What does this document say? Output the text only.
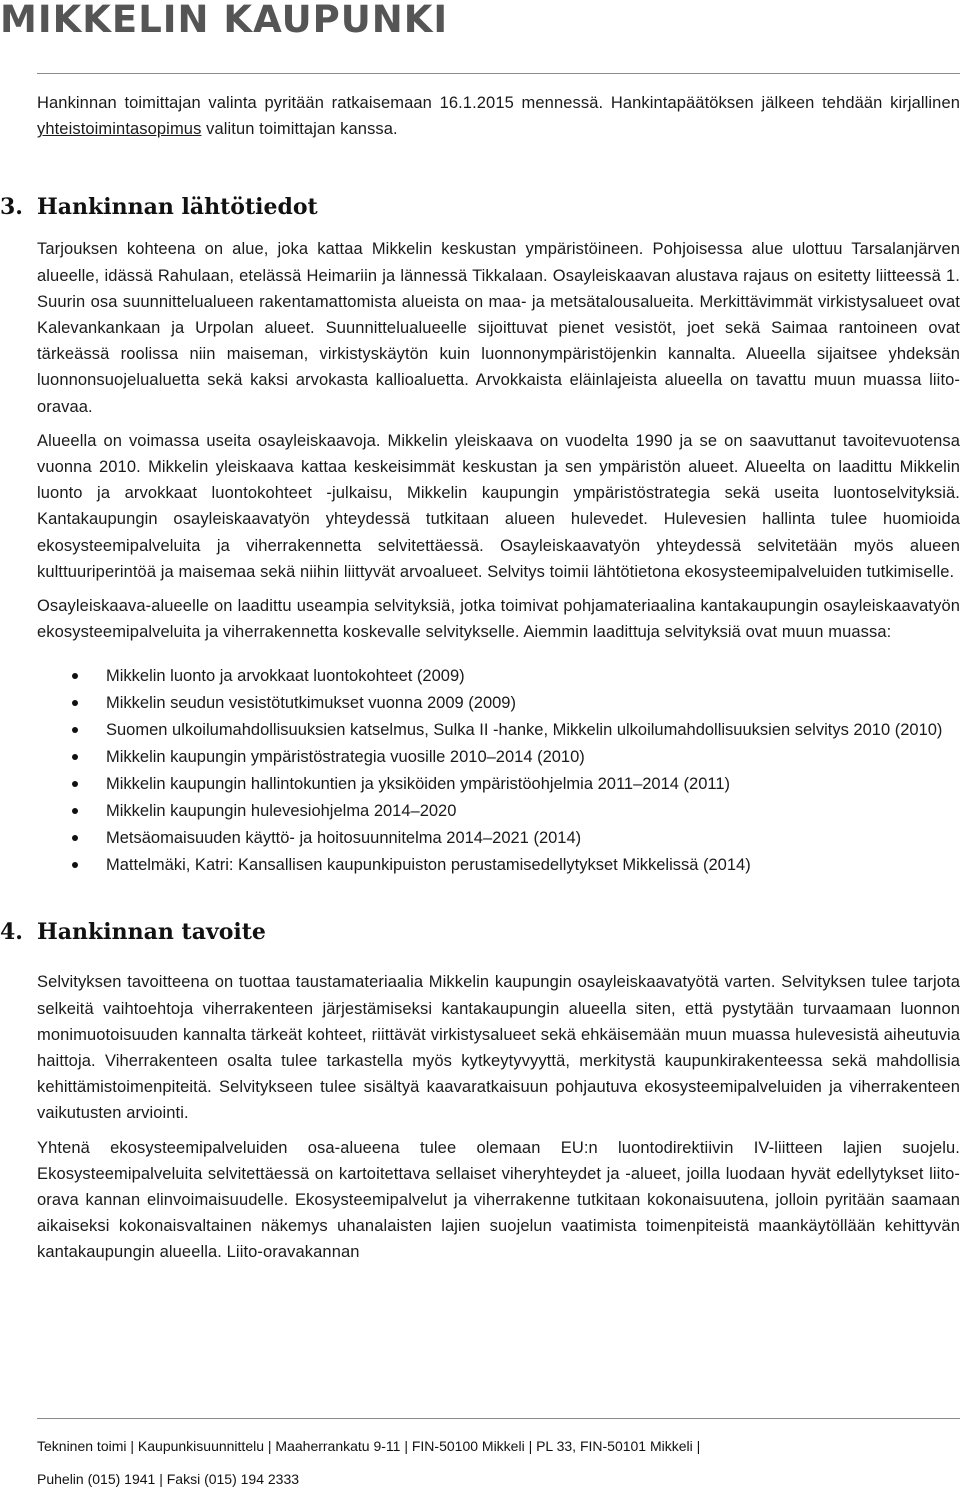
MIKKELIN KAUPUNKI

Hankinnan toimittajan valinta pyritään ratkaisemaan 16.1.2015 mennessä. Hankintapäätöksen jälkeen tehdään kirjallinen yhteistoimintasopimus valitun toimittajan kanssa.

3. Hankinnan lähtötiedot

Tarjouksen kohteena on alue, joka kattaa Mikkelin keskustan ympäristöineen. Pohjoisessa alue ulottuu Tarsalanjärven alueelle, idässä Rahulaan, etelässä Heimariin ja lännessä Tikkalaan. Osayleiskaavan alustava rajaus on esitetty liitteessä 1. Suurin osa suunnittelualueen rakentamattomista alueista on maa- ja metsätalousalueita. Merkittävimmät virkistysalueet ovat Kalevankankaan ja Urpolan alueet. Suunnittelualueelle sijoittuvat pienet vesistöt, joet sekä Saimaa rantoineen ovat tärkeässä roolissa niin maiseman, virkistyskäytön kuin luonnonympäristöjenkin kannalta. Alueella sijaitsee yhdeksän luonnonsuojelualuetta sekä kaksi arvokasta kallioaluetta. Arvokkaista eläinlajeista alueella on tavattu muun muassa liito-oravaa.

Alueella on voimassa useita osayleiskaavoja. Mikkelin yleiskaava on vuodelta 1990 ja se on saavuttanut tavoitevuotensa vuonna 2010. Mikkelin yleiskaava kattaa keskeisimmät keskustan ja sen ympäristön alueet. Alueelta on laadittu Mikkelin luonto ja arvokkaat luontokohteet -julkaisu, Mikkelin kaupungin ympäristöstrategia sekä useita luontoselvityksiä. Kantakaupungin osayleiskaavatyön yhteydessä tutkitaan alueen hulevedet. Hulevesien hallinta tulee huomioida ekosysteemipalveluita ja viherrakennetta selvitettäessä. Osayleiskaavatyön yhteydessä selvitetään myös alueen kulttuuriperintöä ja maisemaa sekä niihin liittyvät arvoalueet. Selvitys toimii lähtötietona ekosysteemipalveluiden tutkimiselle.

Osayleiskaava-alueelle on laadittu useampia selvityksiä, jotka toimivat pohjamateriaalina kantakaupungin osayleiskaavatyön ekosysteemipalveluita ja viherrakennetta koskevalle selvitykselle. Aiemmin laadittuja selvityksiä ovat muun muassa:

Mikkelin luonto ja arvokkaat luontokohteet (2009)
Mikkelin seudun vesistötutkimukset vuonna 2009 (2009)
Suomen ulkoilumahdollisuuksien katselmus, Sulka II -hanke, Mikkelin ulkoilumahdollisuuksien selvitys 2010 (2010)
Mikkelin kaupungin ympäristöstrategia vuosille 2010–2014 (2010)
Mikkelin kaupungin hallintokuntien ja yksiköiden ympäristöohjelmia 2011–2014 (2011)
Mikkelin kaupungin hulevesiohjelma 2014–2020
Metsäomaisuuden käyttö- ja hoitosuunnitelma 2014–2021 (2014)
Mattelmäki, Katri: Kansallisen kaupunkipuiston perustamisedellytykset Mikkelissä (2014)
4. Hankinnan tavoite

Selvityksen tavoitteena on tuottaa taustamateriaalia Mikkelin kaupungin osayleiskaavatyötä varten. Selvityksen tulee tarjota selkeitä vaihtoehtoja viherrakenteen järjestämiseksi kantakaupungin alueella siten, että pystytään turvaamaan luonnon monimuotoisuuden kannalta tärkeät kohteet, riittävät virkistysalueet sekä ehkäisemään muun muassa hulevesistä aiheutuvia haittoja. Viherrakenteen osalta tulee tarkastella myös kytkeytyvyyttä, merkitystä kaupunkirakenteessa sekä mahdollisia kehittämistoimenpiteitä. Selvitykseen tulee sisältyä kaavaratkaisuun pohjautuva ekosysteemipalveluiden ja viherrakenteen vaikutusten arviointi.

Yhtenä ekosysteemipalveluiden osa-alueena tulee olemaan EU:n luontodirektiivin IV-liitteen lajien suojelu. Ekosysteemipalveluita selvitettäessä on kartoitettava sellaiset viheryhteydet ja -alueet, joilla luodaan hyvät edellytykset liito-orava kannan elinvoimaisuudelle. Ekosysteemipalvelut ja viherrakenne tutkitaan kokonaisuutena, jolloin pyritään saamaan aikaiseksi kokonaisvaltainen näkemys uhanalaisten lajien suojelun vaatimista toimenpiteistä maankäytöllään kehittyvän kantakaupungin alueella. Liito-oravakannan

Tekninen toimi | Kaupunkisuunnittelu | Maaherrankatu 9-11 | FIN-50100 Mikkeli | PL 33, FIN-50101 Mikkeli |
Puhelin (015) 1941 | Faksi (015) 194 2333
